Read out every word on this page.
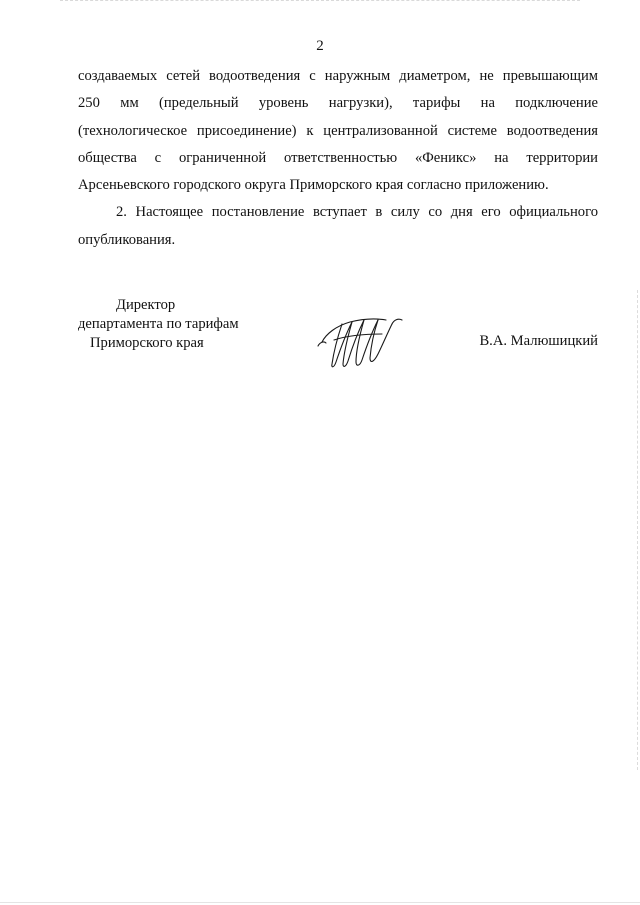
2

создаваемых сетей водоотведения с наружным диаметром, не превышающим
250 мм (предельный уровень нагрузки), тарифы на подключение
(технологическое присоединение) к централизованной системе водоотведения
общества с ограниченной ответственностью «Феникс» на территории
Арсеньевского городского округа Приморского края согласно приложению.

2. Настоящее постановление вступает в силу со дня его официального
опубликования.

Директор
департамента по тарифам
Приморского края	В.А. Малюшицкий
